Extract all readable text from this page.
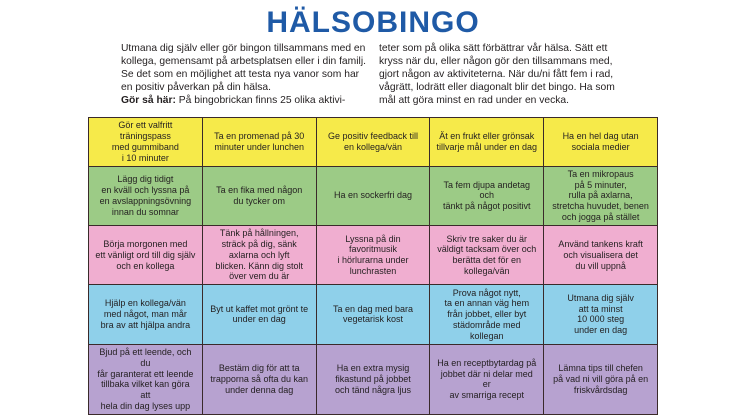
HÄLSOBINGO

Utmana dig själv eller gör bingon tillsammans med en kollega, gemensamt på arbetsplatsen eller i din familj. Se det som en möjlighet att testa nya vanor som har en positiv påverkan på din hälsa.

Gör så här: På bingobrickan finns 25 olika aktivi-

teter som på olika sätt förbättrar vår hälsa. Sätt ett kryss när du, eller någon gör den tillsammans med, gjort någon av aktiviteterna. När du/ni fått fem i rad, vågrätt, lodrätt eller diagonalt blir det bingo. Ha som mål att göra minst en rad under en vecka.

Gör ett valfritt
träningspass
med gummiband
i 10 minuter	Ta en promenad på 30
minuter under lunchen	Ge positiv feedback till
en kollega/vän	Ät en frukt eller grönsak
tillvarje mål under en dag	Ha en hel dag utan
sociala medier

Lägg dig tidigt
en kväll och lyssna på
en avslappningsövning
innan du somnar	Ta en fika med någon
du tycker om	Ha en sockerfri dag	Ta fem djupa andetag och
tänkt på något positivt	Ta en mikropaus
på 5 minuter,
rulla på axlarna,
stretcha huvudet, benen
och jogga på stället

Börja morgonen med
ett vänligt ord till dig själv
och en kollega	Tänk på hållningen,
sträck på dig, sänk
axlarna och lyft
blicken. Känn dig stolt
över vem du är	Lyssna på din favoritmusik
i hörlurarna under
lunchrasten	Skriv tre saker du är
väldigt tacksam över och
berätta det för en
kollega/vän	Använd tankens kraft
och visualisera det
du vill uppnå

Hjälp en kollega/vän
med något, man mår
bra av att hjälpa andra	Byt ut kaffet mot grönt te
under en dag	Ta en dag med bara
vegetarisk kost	Prova något nytt,
ta en annan väg hem
från jobbet, eller byt
städområde med
kollegan	Utmana dig själv
att ta minst
10 000 steg
under en dag

Bjud på ett leende, och du
får garanterat ett leende
tillbaka vilket kan göra att
hela din dag lyses upp	Bestäm dig för att ta
trapporna så ofta du kan
under denna dag	Ha en extra mysig
fikastund på jobbet
och tänd några ljus	Ha en receptbytardag på
jobbet där ni delar med er
av smarriga recept	Lämna tips till chefen
på vad ni vill göra på en
friskvårdsdag
